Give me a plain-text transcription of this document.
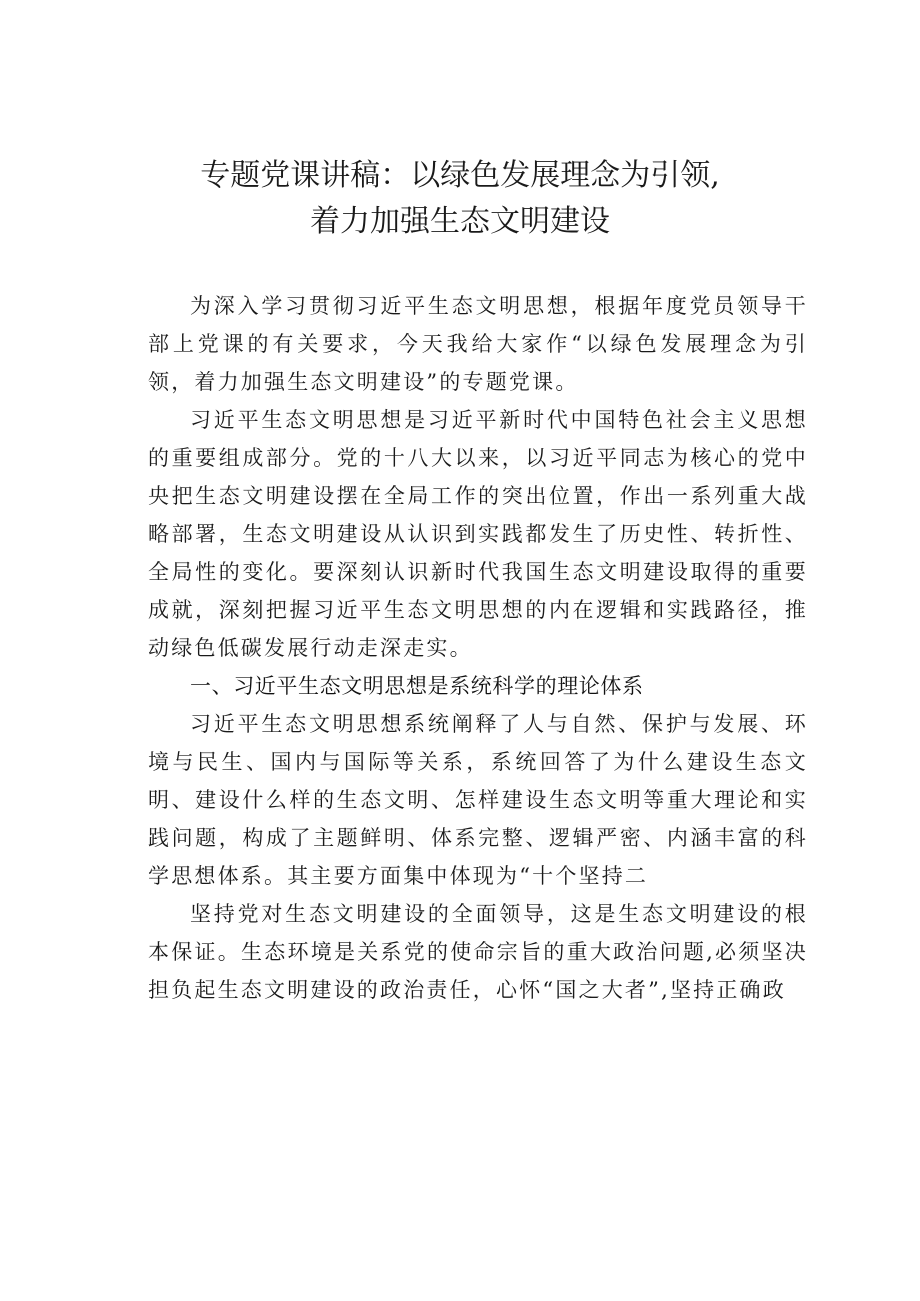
专题党课讲稿：以绿色发展理念为引领,
着力加强生态文明建设

为深入学习贯彻习近平生态文明思想，根据年度党员领导干部上党课的有关要求，今天我给大家作“以绿色发展理念为引领，着力加强生态文明建设”的专题党课。

习近平生态文明思想是习近平新时代中国特色社会主义思想的重要组成部分。党的十八大以来，以习近平同志为核心的党中央把生态文明建设摆在全局工作的突出位置，作出一系列重大战略部署，生态文明建设从认识到实践都发生了历史性、转折性、全局性的变化。要深刻认识新时代我国生态文明建设取得的重要成就，深刻把握习近平生态文明思想的内在逻辑和实践路径，推动绿色低碳发展行动走深走实。

一、习近平生态文明思想是系统科学的理论体系

习近平生态文明思想系统阐释了人与自然、保护与发展、环境与民生、国内与国际等关系，系统回答了为什么建设生态文明、建设什么样的生态文明、怎样建设生态文明等重大理论和实践问题，构成了主题鲜明、体系完整、逻辑严密、内涵丰富的科学思想体系。其主要方面集中体现为“十个坚持二

坚持党对生态文明建设的全面领导，这是生态文明建设的根本保证。生态环境是关系党的使命宗旨的重大政治问题,必须坚决担负起生态文明建设的政治责任，心怀“国之大者”,坚持正确政
